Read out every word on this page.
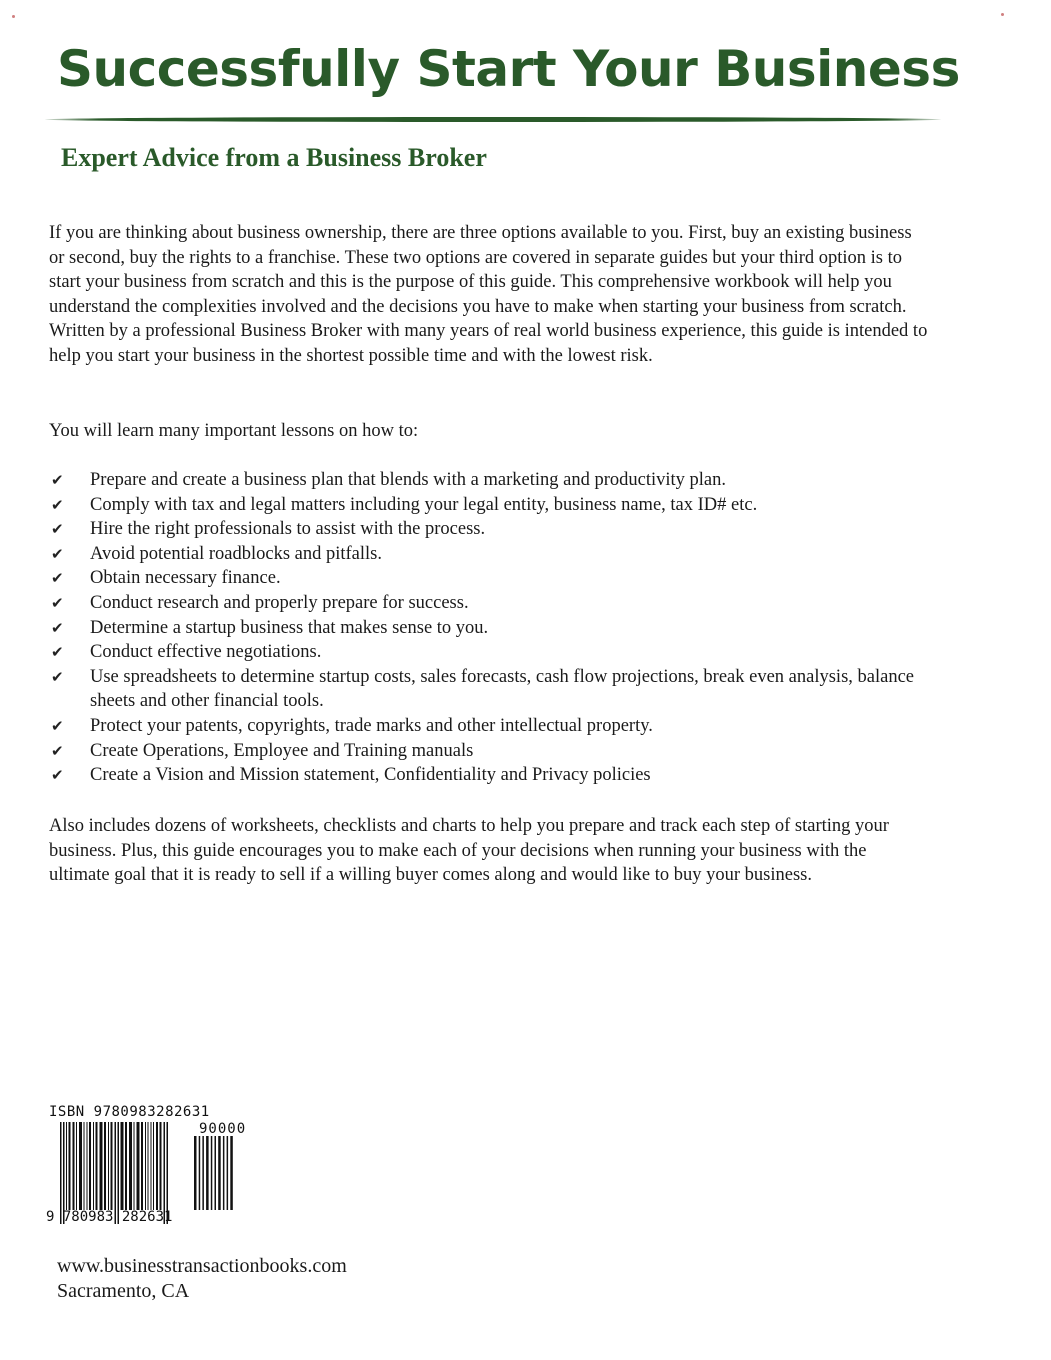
Successfully Start Your Business
Expert Advice from a Business Broker

If you are thinking about business ownership, there are three options available to you. First, buy an existing business or second, buy the rights to a franchise. These two options are covered in separate guides but your third option is to start your business from scratch and this is the purpose of this guide. This comprehensive workbook will help you understand the complexities involved and the decisions you have to make when starting your business from scratch. Written by a professional Business Broker with many years of real world business experience, this guide is intended to help you start your business in the shortest possible time and with the lowest risk.

You will learn many important lessons on how to:

✔ Prepare and create a business plan that blends with a marketing and productivity plan.
✔ Comply with tax and legal matters including your legal entity, business name, tax ID# etc.
✔ Hire the right professionals to assist with the process.
✔ Avoid potential roadblocks and pitfalls.
✔ Obtain necessary finance.
✔ Conduct research and properly prepare for success.
✔ Determine a startup business that makes sense to you.
✔ Conduct effective negotiations.
✔ Use spreadsheets to determine startup costs, sales forecasts, cash flow projections, break even analysis, balance sheets and other financial tools.
✔ Protect your patents, copyrights, trade marks and other intellectual property.
✔ Create Operations, Employee and Training manuals
✔ Create a Vision and Mission statement, Confidentiality and Privacy policies

Also includes dozens of worksheets, checklists and charts to help you prepare and track each step of starting your business. Plus, this guide encourages you to make each of your decisions when running your business with the ultimate goal that it is ready to sell if a willing buyer comes along and would like to buy your business.

ISBN 9780983282631
90000
9 780983 282631
www.businesstransactionbooks.com
Sacramento, CA
